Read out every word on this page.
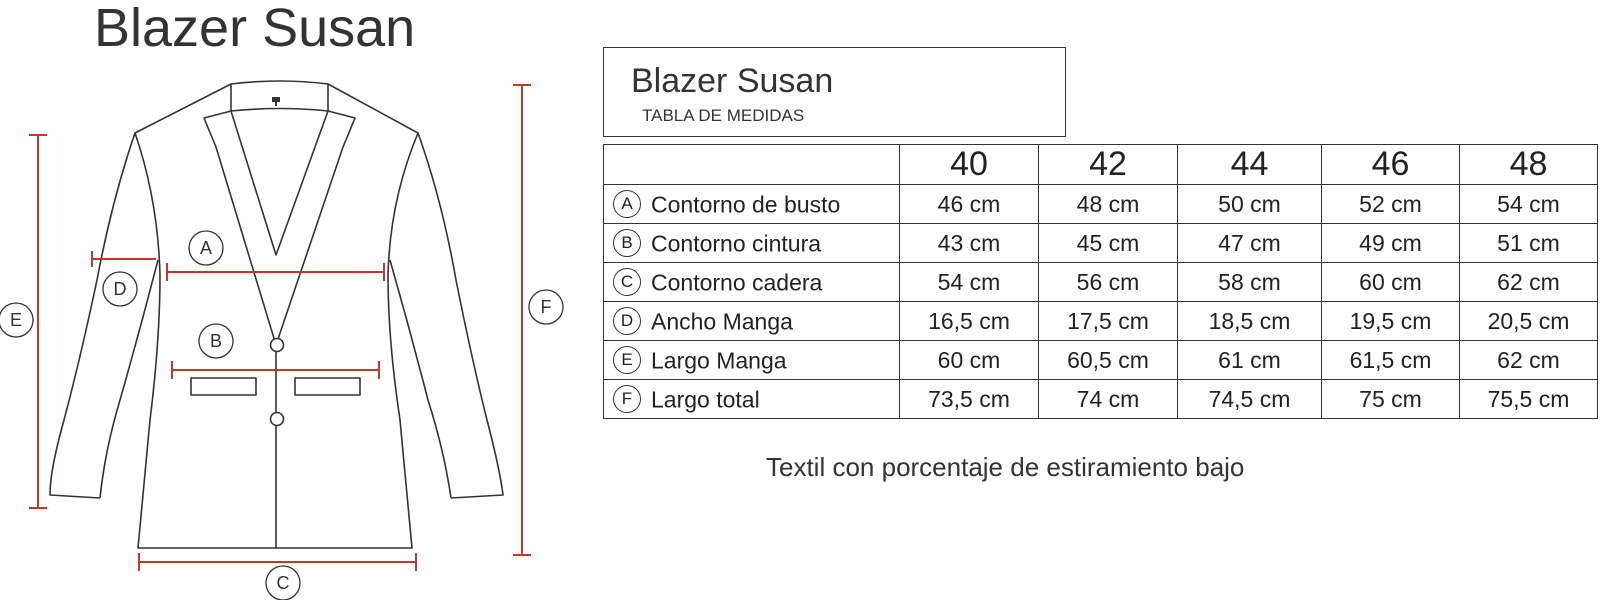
Blazer Susan
A
B
C
D
E
F
Blazer Susan
TABLA DE MEDIDAS
	40	42	44	46	48
A Contorno de busto	46 cm	48 cm	50 cm	52 cm	54 cm
B Contorno cintura	43 cm	45 cm	47 cm	49 cm	51 cm
C Contorno cadera	54 cm	56 cm	58 cm	60 cm	62 cm
D Ancho Manga	16,5 cm	17,5 cm	18,5 cm	19,5 cm	20,5 cm
E Largo Manga	60 cm	60,5 cm	61 cm	61,5 cm	62 cm
F Largo total	73,5 cm	74 cm	74,5 cm	75 cm	75,5 cm
Textil con porcentaje de estiramiento bajo
